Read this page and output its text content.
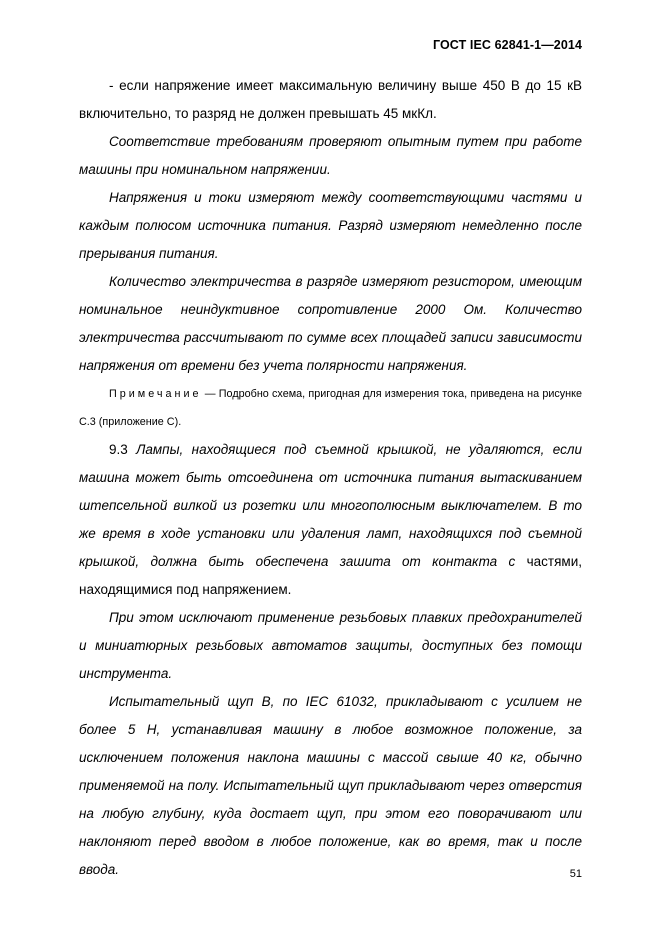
ГОСТ IEC 62841-1—2014

- если напряжение имеет максимальную величину выше 450 В до 15 кВ включительно, то разряд не должен превышать 45 мкКл.

Соответствие требованиям проверяют опытным путем при работе машины при номинальном напряжении.

Напряжения и токи измеряют между соответствующими частями и каждым полюсом источника питания. Разряд измеряют немедленно после прерывания питания.

Количество электричества в разряде измеряют резистором, имеющим номинальное неиндуктивное сопротивление 2000 Ом. Количество электричества рассчитывают по сумме всех площадей записи зависимости напряжения от времени без учета полярности напряжения.

Примечание — Подробно схема, пригодная для измерения тока, приведена на рисунке С.3 (приложение С).

9.3 Лампы, находящиеся под съемной крышкой, не удаляются, если машина может быть отсоединена от источника питания вытаскиванием штепсельной вилкой из розетки или многополюсным выключателем. В то же время в ходе установки или удаления ламп, находящихся под съемной крышкой, должна быть обеспечена зашита от контакта с частями, находящимися под напряжением.

При этом исключают применение резьбовых плавких предохранителей и миниатюрных резьбовых автоматов защиты, доступных без помощи инструмента.

Испытательный щуп В, по IEC 61032, прикладывают с усилием не более 5 Н, устанавливая машину в любое возможное положение, за исключением положения наклона машины с массой свыше 40 кг, обычно применяемой на полу. Испытательный щуп прикладывают через отверстия на любую глубину, куда достает щуп, при этом его поворачивают или наклоняют перед вводом в любое положение, как во время, так и после ввода.	51
